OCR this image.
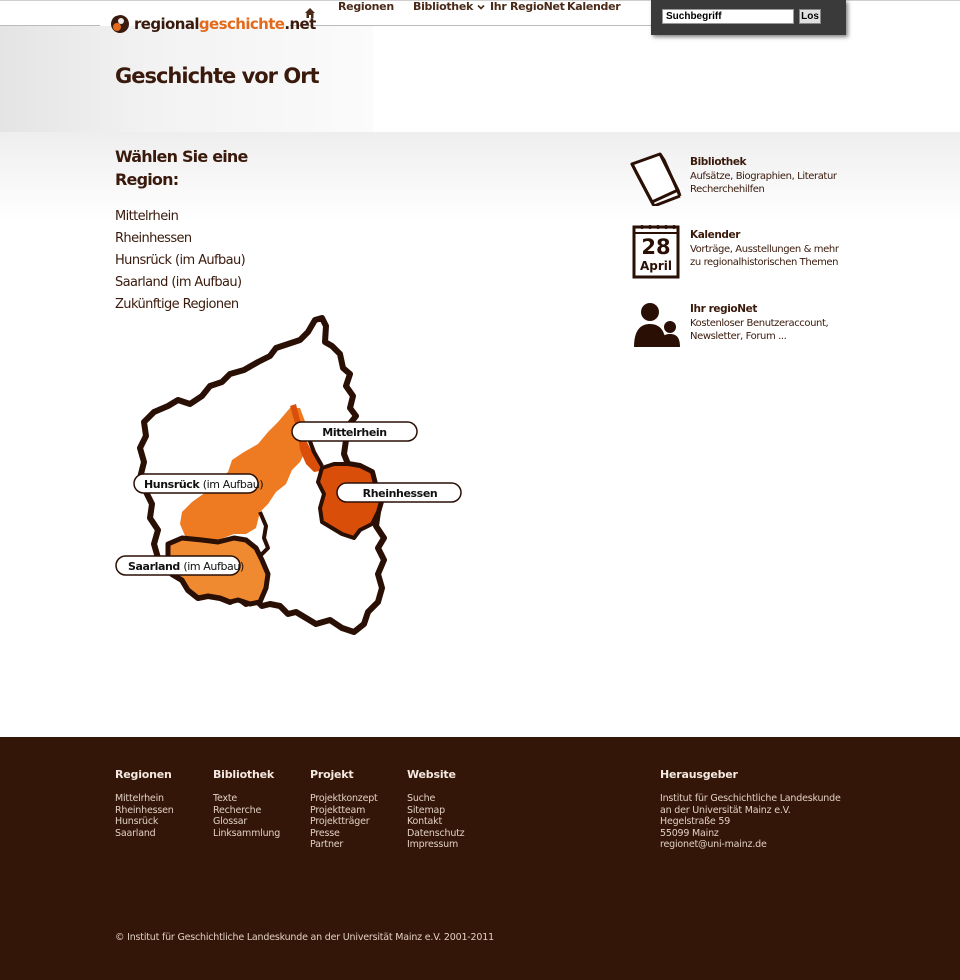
regionalgeschichte.net
Regionen Bibliothek	Ihr RegioNet Kalender
Suchbegriff
Los
Geschichte vor Ort
Wählen Sie eine Region:
Mittelrhein
Rheinhessen
Hunsrück (im Aufbau)
Saarland (im Aufbau)
Zukünftige Regionen
Mittelrhein
Rheinhessen
Hunsrück (im Aufbau)
Saarland (im Aufbau)
Bibliothek
Aufsätze, Biographien, Literatur
Recherchehilfen
28
April
Kalender
Vorträge, Ausstellungen & mehr
zu regionalhistorischen Themen
Ihr regioNet
Kostenloser Benutzeraccount,
Newsletter, Forum ...
Regionen
Mittelrhein
Rheinhessen
Hunsrück
Saarland
Bibliothek
Texte
Recherche
Glossar
Linksammlung
Projekt
Projektkonzept
Projektteam
Projektträger
Presse
Partner
Website
Suche
Sitemap
Kontakt
Datenschutz
Impressum
Herausgeber
Institut für Geschichtliche Landeskunde
an der Universität Mainz e.V.
Hegelstraße 59
55099 Mainz
regionet@uni-mainz.de
© Institut für Geschichtliche Landeskunde an der Universität Mainz e.V. 2001-2011
